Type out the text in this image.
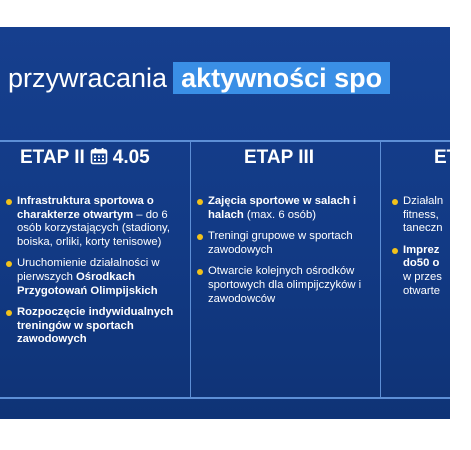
przywracania aktywności spo
ETAP II 4.05	ETAP III	ETA
Infrastruktura sportowa o charakterze otwartym – do 6 osób korzystających (stadiony, boiska, orliki, korty tenisowe)
Uruchomienie działalności w pierwszych Ośrodkach Przygotowań Olimpijskich
Rozpoczęcie indywidualnych treningów w sportach zawodowych
Zajęcia sportowe w salach i halach (max. 6 osób)
Treningi grupowe w sportach zawodowych
Otwarcie kolejnych ośrodków sportowych dla olimpijczyków i zawodowców
Działaln fitness, taneczn
Imprez do50 o w przes otwarte
